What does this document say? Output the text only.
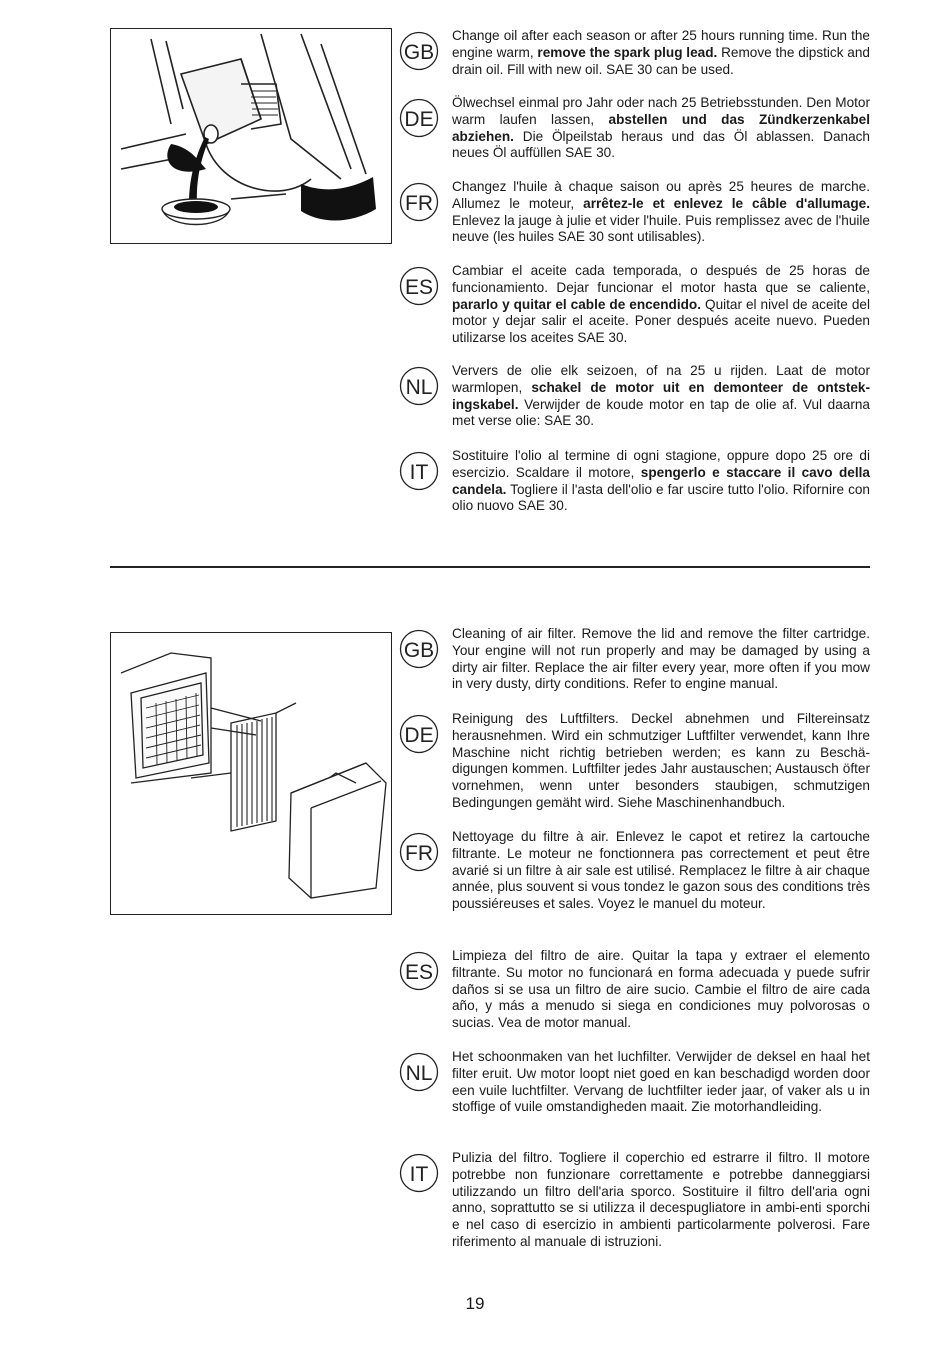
GB

Change oil after each season or after 25 hours running time. Run the engine warm, remove the spark plug lead. Remove the dipstick and drain oil. Fill with new oil. SAE 30 can be used.

DE

Ölwechsel einmal pro Jahr oder nach 25 Betriebsstunden. Den Motor warm laufen lassen, abstellen und das Zündkerzenkabel abziehen. Die Ölpeilstab heraus und das Öl ablassen. Danach neues Öl auffüllen SAE 30.

FR

Changez l'huile à chaque saison ou après 25 heures de marche. Allumez le moteur, arrêtez-le et enlevez le câble d'allumage. Enlevez la jauge à julie et vider l'huile. Puis remplissez avec de l'huile neuve (les huiles SAE 30 sont utilisables).

ES

Cambiar el aceite cada temporada, o después de 25 horas de funcionamiento. Dejar funcionar el motor hasta que se caliente, pararlo y quitar el cable de encendido. Quitar el nivel de aceite del motor y dejar salir el aceite. Poner después aceite nuevo. Pueden utilizarse los aceites SAE 30.

NL

Ververs de olie elk seizoen, of na 25 u rijden. Laat de motor warmlopen, schakel de motor uit en demonteer de ontstek-ingskabel. Verwijder de koude motor en tap de olie af. Vul daarna met verse olie: SAE 30.

IT

Sostituire l'olio al termine di ogni stagione, oppure dopo 25 ore di esercizio. Scaldare il motore, spengerlo e staccare il cavo della candela. Togliere il l'asta dell'olio e far uscire tutto l'olio. Rifornire con olio nuovo SAE 30.

GB

Cleaning of air filter. Remove the lid and remove the filter cartridge. Your engine will not run properly and may be damaged by using a dirty air filter. Replace the air filter every year, more often if you mow in very dusty, dirty conditions. Refer to engine manual.

DE

Reinigung des Luftfilters. Deckel abnehmen und Filtereinsatz herausnehmen. Wird ein schmutziger Luftfilter verwendet, kann Ihre Maschine nicht richtig betrieben werden; es kann zu Beschä-digungen kommen. Luftfilter jedes Jahr austauschen; Austausch öfter vornehmen, wenn unter besonders staubigen, schmutzigen Bedingungen gemäht wird. Siehe Maschinenhandbuch.

FR

Nettoyage du filtre à air. Enlevez le capot et retirez la cartouche filtrante. Le moteur ne fonctionnera pas correctement et peut être avarié si un filtre à air sale est utilisé. Remplacez le filtre à air chaque année, plus souvent si vous tondez le gazon sous des conditions très poussiéreuses et sales. Voyez le manuel du moteur.

ES

Limpieza del filtro de aire. Quitar la tapa y extraer el elemento filtrante. Su motor no funcionará en forma adecuada y puede sufrir daños si se usa un filtro de aire sucio. Cambie el filtro de aire cada año, y más a menudo si siega en condiciones muy polvorosas o sucias. Vea de motor manual.

NL

Het schoonmaken van het luchfilter. Verwijder de deksel en haal het filter eruit. Uw motor loopt niet goed en kan beschadigd worden door een vuile luchtfilter. Vervang de luchtfilter ieder jaar, of vaker als u in stoffige of vuile omstandigheden maait. Zie motorhandleiding.

IT

Pulizia del filtro. Togliere il coperchio ed estrarre il filtro. Il motore potrebbe non funzionare correttamente e potrebbe danneggiarsi utilizzando un filtro dell'aria sporco. Sostituire il filtro dell'aria ogni anno, soprattutto se si utilizza il decespugliatore in ambi-enti sporchi e nel caso di esercizio in ambienti particolarmente polverosi. Fare riferimento al manuale di istruzioni.

19
